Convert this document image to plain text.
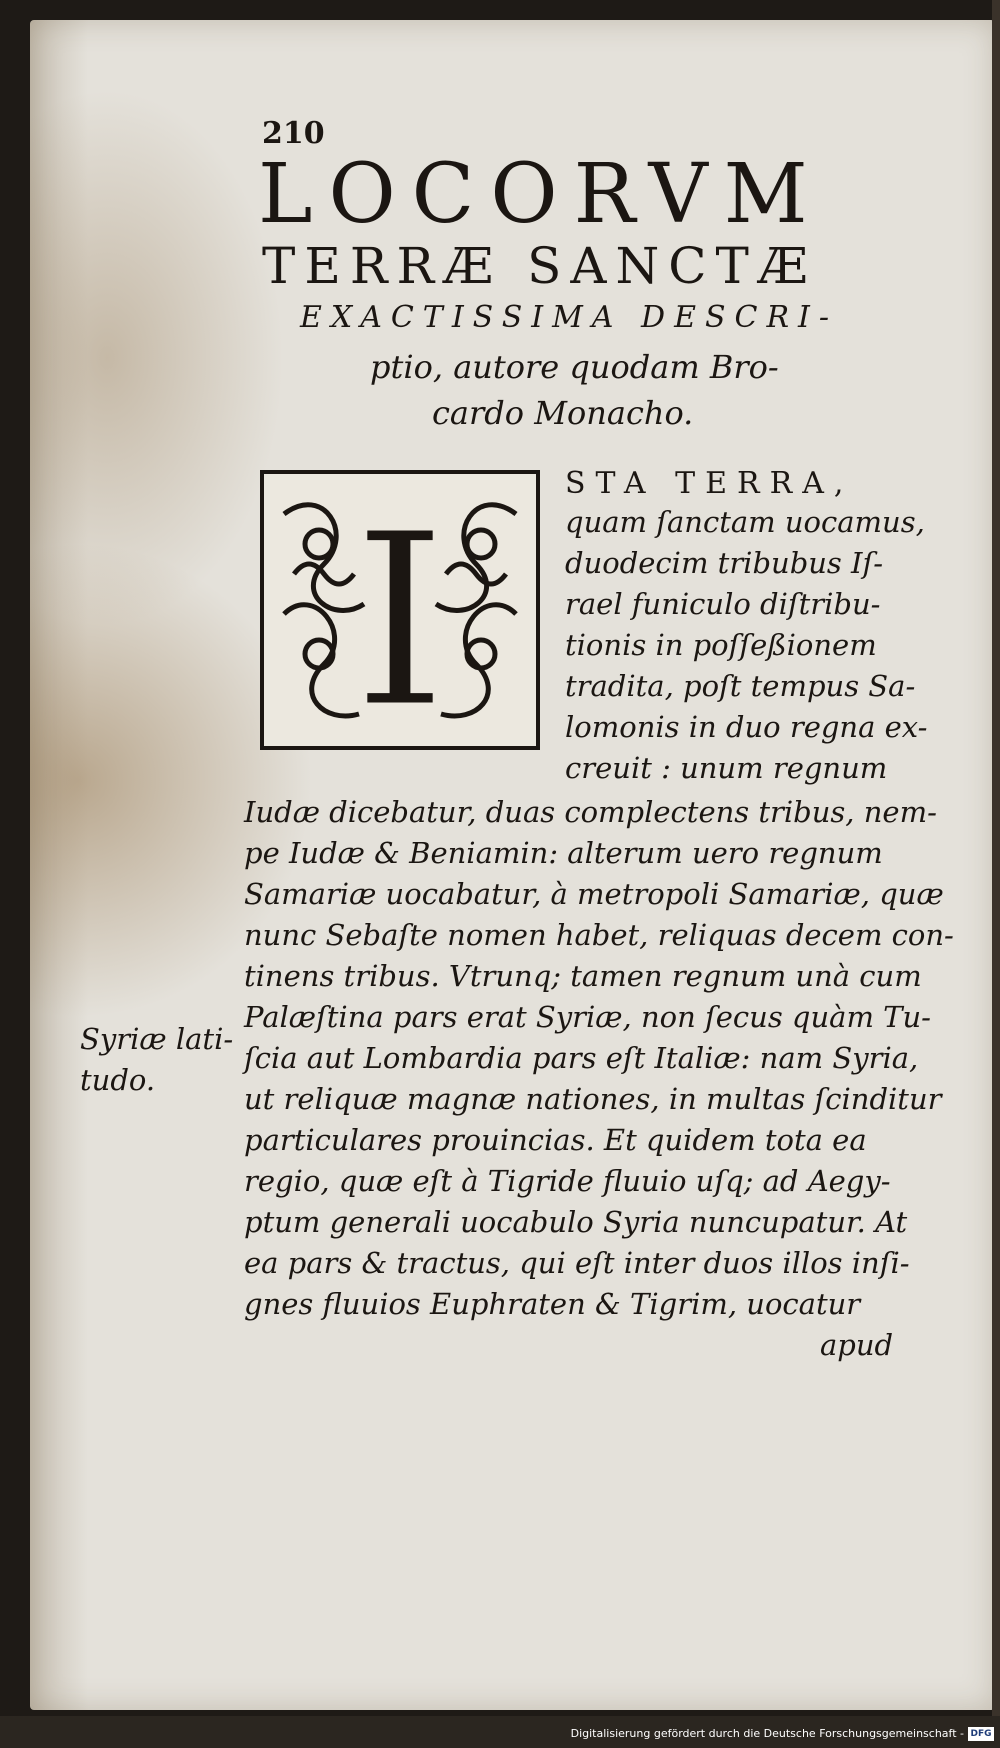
210
LOCORVM
TERRÆ SANCTÆ
EXACTISSIMA DESCRI-
ptio, autore quodam Bro-
cardo Monacho.
I	STA TERRA,
quam ſanctam uocamus,
duodecim tribubus Iſ-
rael funiculo diſtribu-
tionis in poſſeßionem
tradita, poſt tempus Sa-
lomonis in duo regna ex-
creuit : unum regnum
Iudæ dicebatur, duas complectens tribus, nem-
pe Iudæ & Beniamin: alterum uero regnum
Samariæ uocabatur, à metropoli Samariæ, quæ
nunc Sebaſte nomen habet, reliquas decem con-
tinens tribus. Vtrunq; tamen regnum unà cum
Palæſtina pars erat Syriæ, non ſecus quàm Tu-
ſcia aut Lombardia pars eſt Italiæ: nam Syria,
ut reliquæ magnæ nationes, in multas ſcinditur
particulares prouincias. Et quidem tota ea
regio, quæ eſt à Tigride fluuio uſq; ad Aegy-
ptum generali uocabulo Syria nuncupatur. At
ea pars & tractus, qui eſt inter duos illos inſi-
gnes fluuios Euphraten & Tigrim, uocatur
apud
Syriæ lati-
tudo.
Digitalisierung gefördert durch die Deutsche Forschungsgemeinschaft - DFG
